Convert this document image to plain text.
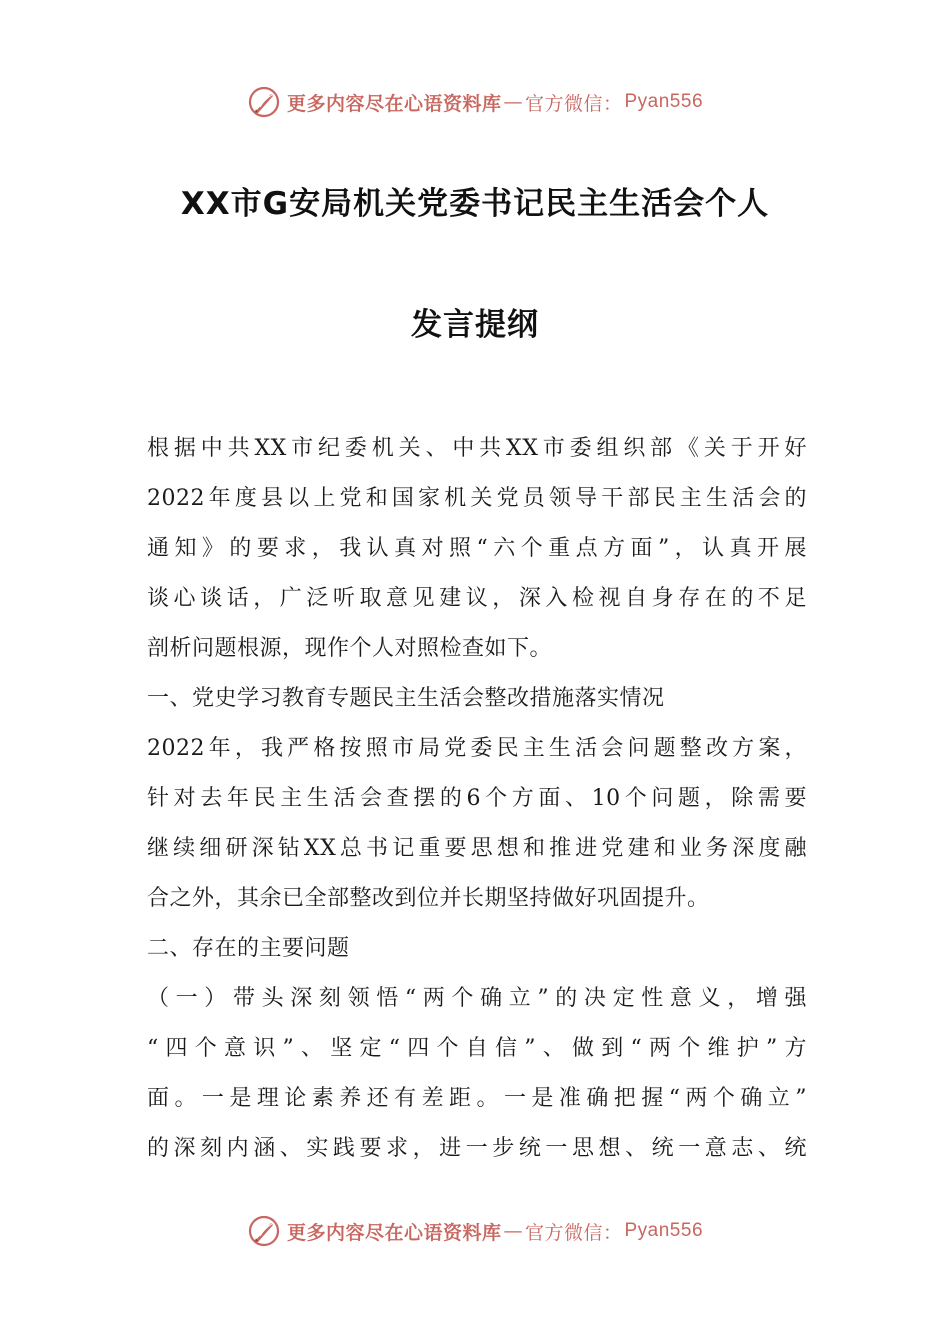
更多内容尽在心语资料库 — 官方微信： Pyan556
XX市G安局机关党委书记民主生活会个人
发言提纲
根据中共XX市纪委机关、中共XX市委组织部《关于开好
2022年度县以上党和国家机关党员领导干部民主生活会的
通知》的要求，我认真对照“六个重点方面”，认真开展
谈心谈话，广泛听取意见建议，深入检视自身存在的不足
剖析问题根源，现作个人对照检查如下。
一、党史学习教育专题民主生活会整改措施落实情况
2022年，我严格按照市局党委民主生活会问题整改方案，
针对去年民主生活会查摆的6个方面、10个问题，除需要
继续细研深钻XX总书记重要思想和推进党建和业务深度融
合之外，其余已全部整改到位并长期坚持做好巩固提升。
二、存在的主要问题
（一）带头深刻领悟“两个确立”的决定性意义，增强
“四个意识”、坚定“四个自信”、做到“两个维护”方
面。一是理论素养还有差距。一是准确把握“两个确立”
的深刻内涵、实践要求，进一步统一思想、统一意志、统
更多内容尽在心语资料库 — 官方微信： Pyan556
